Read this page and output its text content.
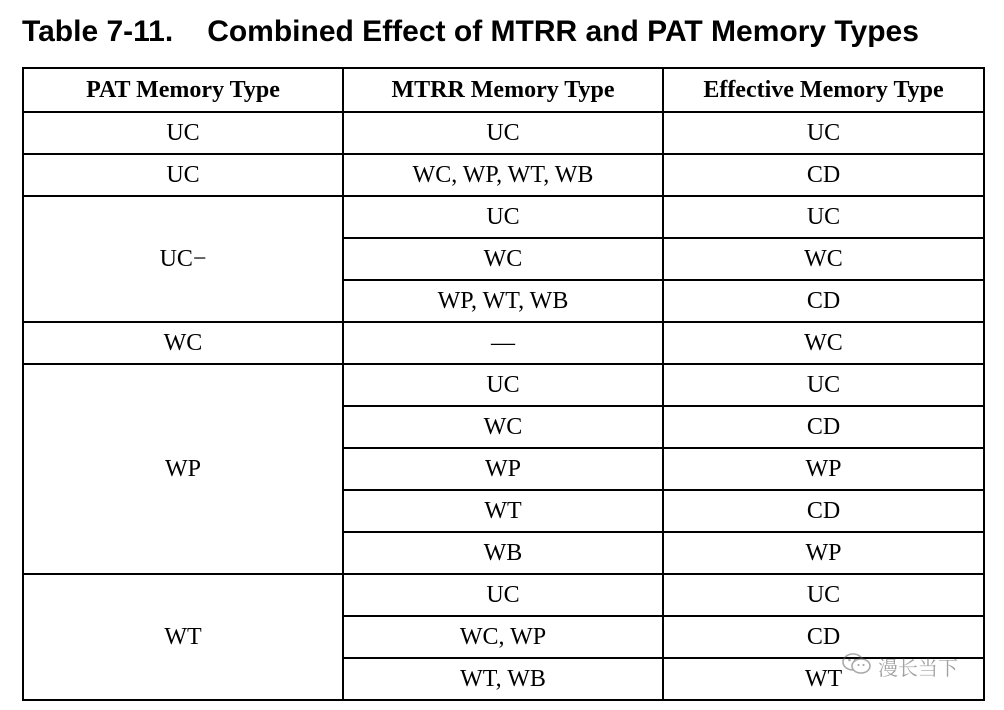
Table 7-11. Combined Effect of MTRR and PAT Memory Types
PAT Memory Type	MTRR Memory Type	Effective Memory Type
UC	UC	UC
UC	WC, WP, WT, WB	CD
UC−	UC	UC
	WC	WC
	WP, WT, WB	CD
WC	—	WC
WP	UC	UC
	WC	CD
	WP	WP
	WT	CD
	WB	WP
WT	UC	UC
	WC, WP	CD
	WT, WB	WT 漫长当下
